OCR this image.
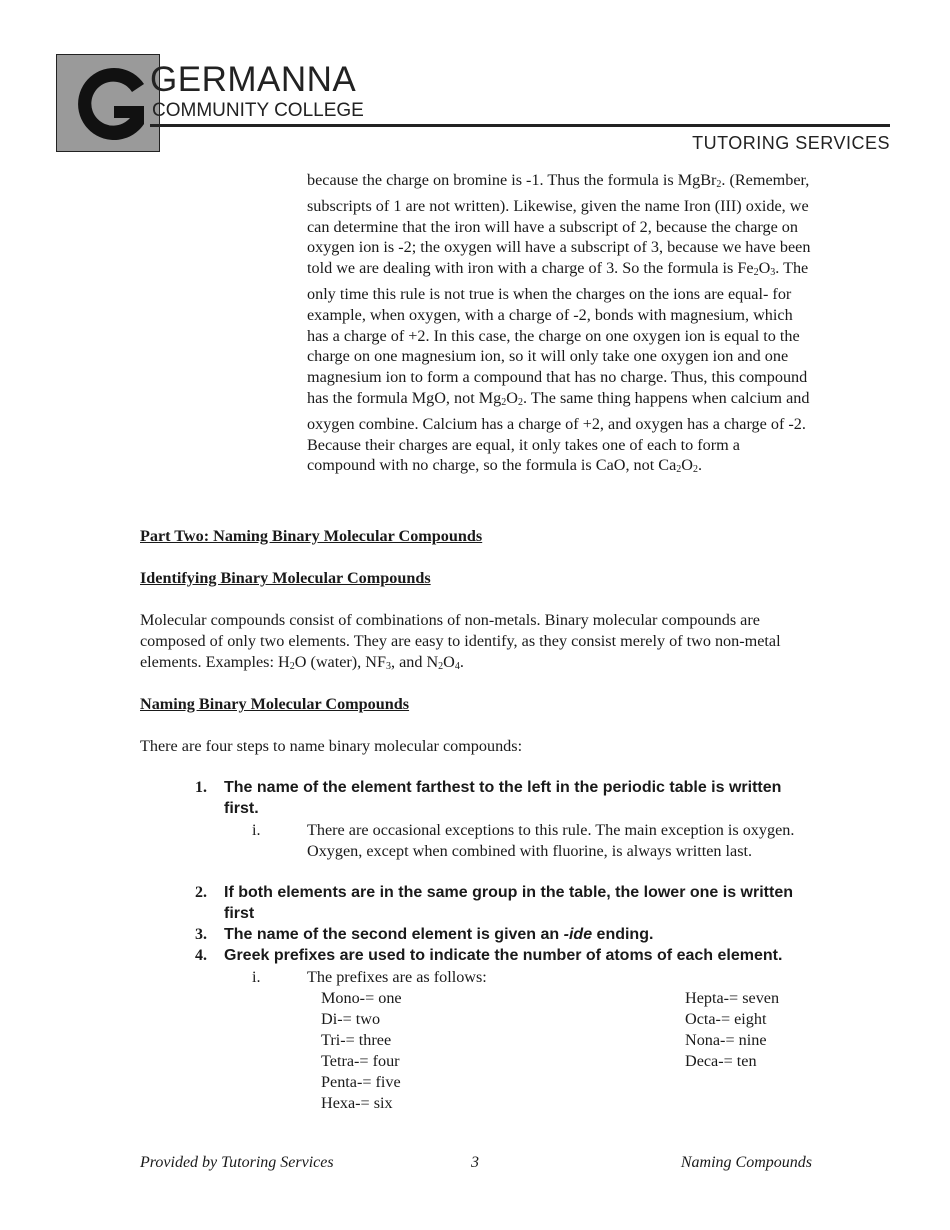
GERMANNA
COMMUNITY COLLEGE
TUTORING SERVICES

because the charge on bromine is -1. Thus the formula is MgBr$_2$. (Remember, subscripts of 1 are not written). Likewise, given the name Iron (III) oxide, we can determine that the iron will have a subscript of 2, because the charge on oxygen ion is -2; the oxygen will have a subscript of 3, because we have been told we are dealing with iron with a charge of 3. So the formula is $Fe_2O_3$. The only time this rule is not true is when the charges on the ions are equal- for example, when oxygen, with a charge of -2, bonds with magnesium, which has a charge of +2. In this case, the charge on one oxygen ion is equal to the charge on one magnesium ion, so it will only take one oxygen ion and one magnesium ion to form a compound that has no charge. Thus, this compound has the formula MgO, not $Mg_2O_2$. The same thing happens when calcium and oxygen combine. Calcium has a charge of +2, and oxygen has a charge of -2. Because their charges are equal, it only takes one of each to form a compound with no charge, so the formula is CaO, not $Ca_2O_2$.

Part Two: Naming Binary Molecular Compounds
Identifying Binary Molecular Compounds

Molecular compounds consist of combinations of non-metals. Binary molecular compounds are composed of only two elements. They are easy to identify, as they consist merely of two non-metal elements. Examples: H2O (water), NF3, and N2O4.

Naming Binary Molecular Compounds

There are four steps to name binary molecular compounds:

1. The name of the element farthest to the left in the periodic table is written first.

i.	There are occasional exceptions to this rule. The main exception is oxygen. Oxygen, except when combined with fluorine, is always written last.

2. If both elements are in the same group in the table, the lower one is written first

3. The name of the second element is given an -ide ending.

4. Greek prefixes are used to indicate the number of atoms of each element.

i.	The prefixes are as follows:

Mono-= one
Di-= two
Tri-= three
Tetra-= four
Penta-= five
Hexa-= six
Hepta-= seven
Octa-= eight
Nona-= nine
Deca-= ten
Provided by Tutoring Services	3	Naming Compounds
